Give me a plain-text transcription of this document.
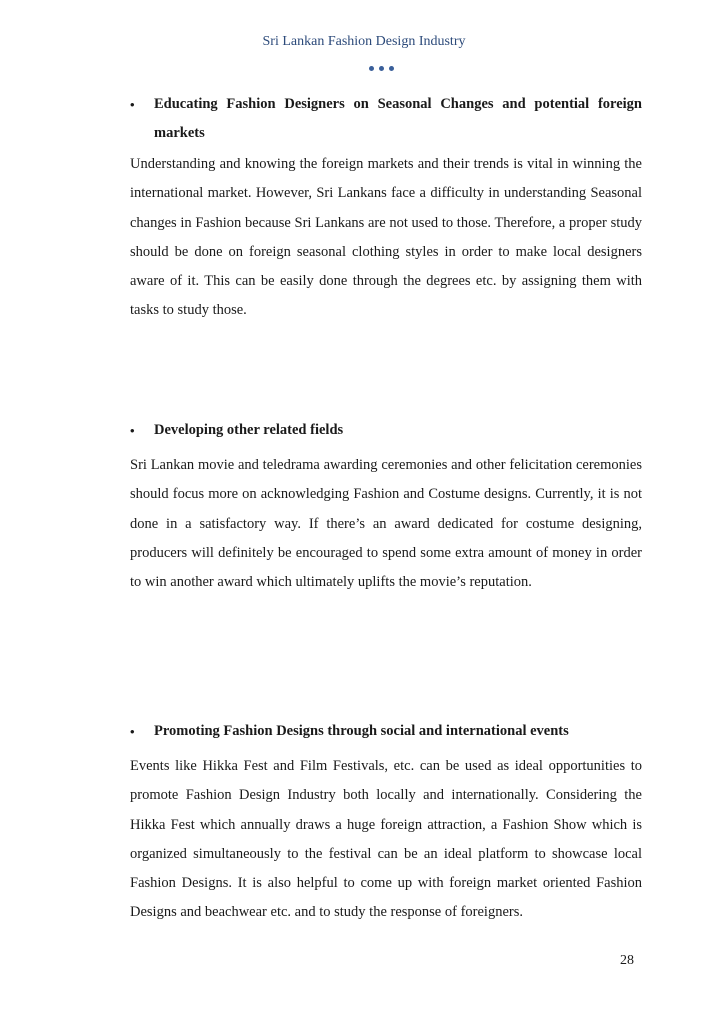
Sri Lankan Fashion Design Industry
• Educating Fashion Designers on Seasonal Changes and potential foreign markets

Understanding and knowing the foreign markets and their trends is vital in winning the international market. However, Sri Lankans face a difficulty in understanding Seasonal changes in Fashion because Sri Lankans are not used to those. Therefore, a proper study should be done on foreign seasonal clothing styles in order to make local designers aware of it. This can be easily done through the degrees etc. by assigning them with tasks to study those.

• Developing other related fields

Sri Lankan movie and teledrama awarding ceremonies and other felicitation ceremonies should focus more on acknowledging Fashion and Costume designs. Currently, it is not done in a satisfactory way. If there’s an award dedicated for costume designing, producers will definitely be encouraged to spend some extra amount of money in order to win another award which ultimately uplifts the movie’s reputation.

• Promoting Fashion Designs through social and international events

Events like Hikka Fest and Film Festivals, etc. can be used as ideal opportunities to promote Fashion Design Industry both locally and internationally. Considering the Hikka Fest which annually draws a huge foreign attraction, a Fashion Show which is organized simultaneously to the festival can be an ideal platform to showcase local Fashion Designs. It is also helpful to come up with foreign market oriented Fashion Designs and beachwear etc. and to study the response of foreigners.

28
